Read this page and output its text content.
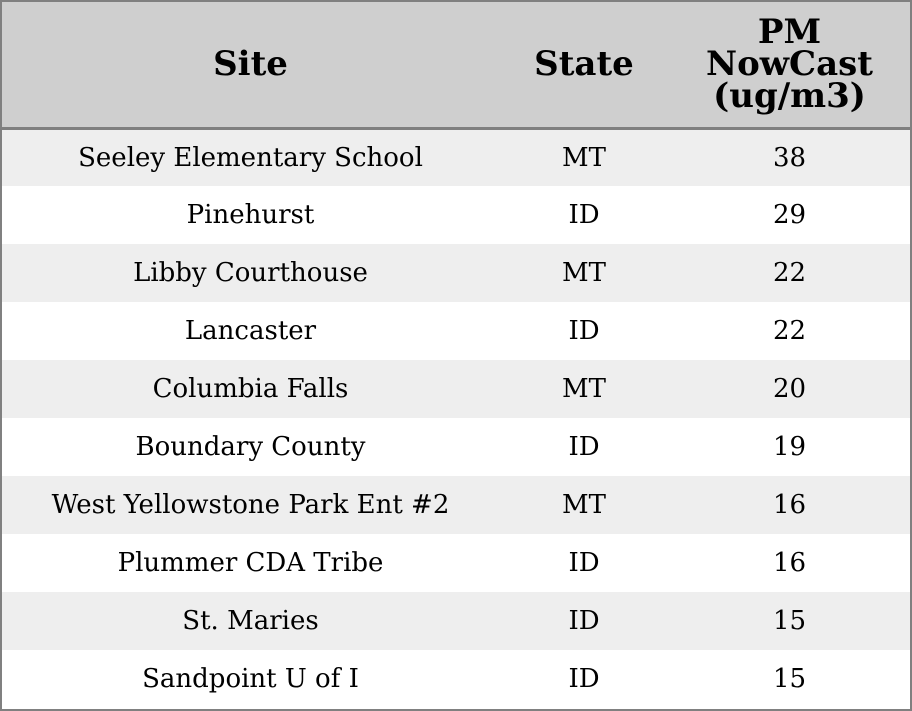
Site	State	PM
NowCast
(ug/m3)
Seeley Elementary School	MT	38
Pinehurst	ID	29
Libby Courthouse	MT	22
Lancaster	ID	22
Columbia Falls	MT	20
Boundary County	ID	19
West Yellowstone Park Ent #2	MT	16
Plummer CDA Tribe	ID	16
St. Maries	ID	15
Sandpoint U of I	ID	15
